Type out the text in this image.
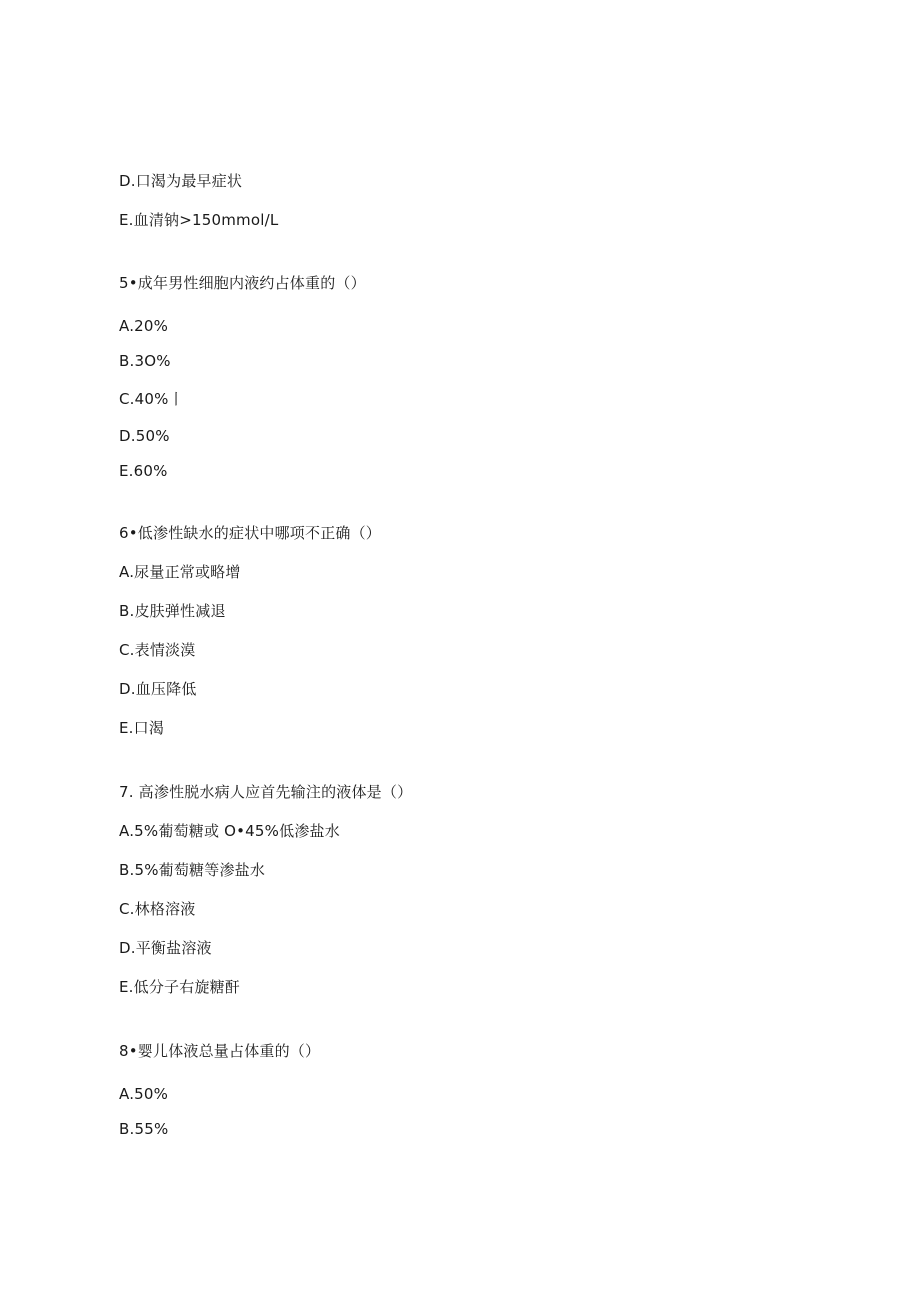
D.口渴为最早症状
E.血清钠>150mmol/L
5•成年男性细胞内液约占体重的（）
A.20%
B.3O%
C.40%丨
D.50%
E.60%
6•低渗性缺水的症状中哪项不正确（）
A.尿量正常或略增
B.皮肤弹性减退
C.表情淡漠
D.血压降低
E.口渴
7. 高渗性脱水病人应首先输注的液体是（）
A.5%葡萄糖或 O•45%低渗盐水
B.5%葡萄糖等渗盐水
C.林格溶液
D.平衡盐溶液
E.低分子右旋糖酐
8•婴儿体液总量占体重的（）
A.50%
B.55%
